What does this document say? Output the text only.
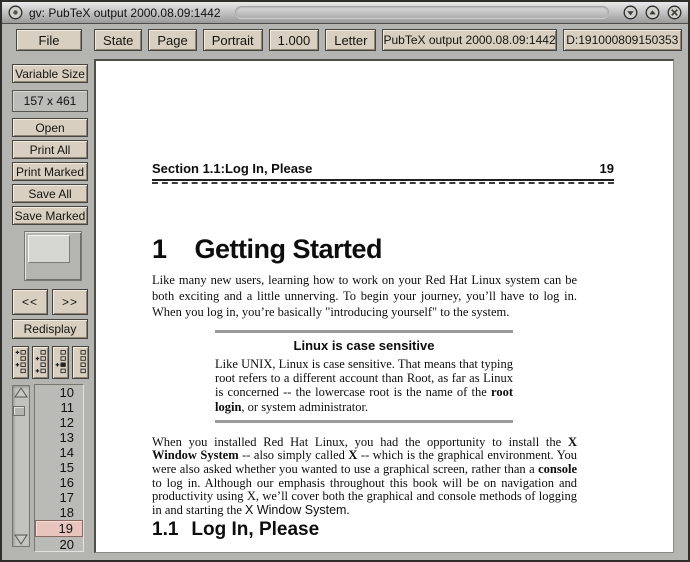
gv: PubTeX output 2000.08.09:1442
File	State	Page	Portrait	1.000	Letter	PubTeX output 2000.08.09:1442 D:191000809150353
Variable Size
157 x 461
Open
Print All
Print Marked
Save All
Save Marked
<<	>>
Redisplay
10
11
12
13
14
15
16
17
18
19
20
Section 1.1:Log In, Please	19
1 Getting Started

Like many new users, learning how to work on your Red Hat Linux system can be both exciting and a little unnerving. To begin your journey, you’ll have to log in. When you log in, you’re basically "introducing yourself" to the system.

Linux is case sensitive

Like UNIX, Linux is case sensitive. That means that typing root refers to a different account than Root, as far as Linux is concerned -- the lowercase root is the name of the root login, or system administrator.

When you installed Red Hat Linux, you had the opportunity to install the X Window System -- also simply called X -- which is the graphical environment. You were also asked whether you wanted to use a graphical screen, rather than a console to log in. Although our emphasis throughout this book will be on navigation and productivity using X, we’ll cover both the graphical and console methods of logging in and starting the X Window System.

1.1 Log In, Please
